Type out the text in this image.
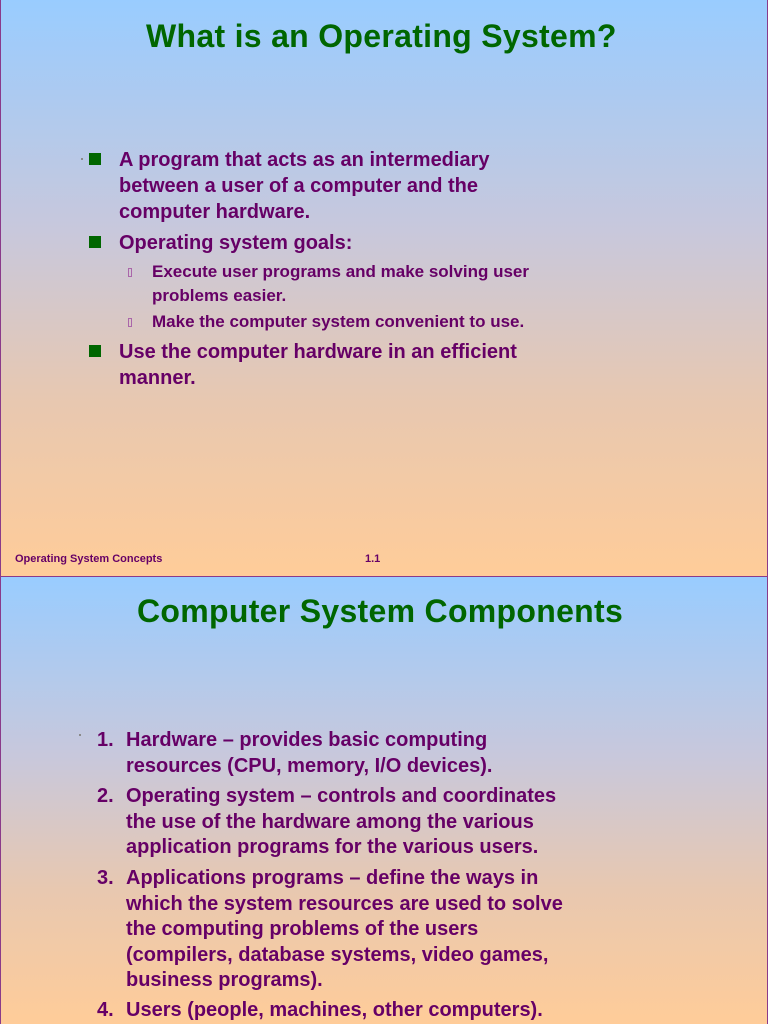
What is an Operating System?
A program that acts as an intermediary
between a user of a computer and the
computer hardware.
Operating system goals:
Execute user programs and make solving user
problems easier.
Make the computer system convenient to use.
Use the computer hardware in an efficient
manner.
Operating System Concepts	1.1
Computer System Components
1. Hardware – provides basic computing
resources (CPU, memory, I/O devices).
2. Operating system – controls and coordinates
the use of the hardware among the various
application programs for the various users.
3. Applications programs – define the ways in
which the system resources are used to solve
the computing problems of the users
(compilers, database systems, video games,
business programs).
4. Users (people, machines, other computers).
